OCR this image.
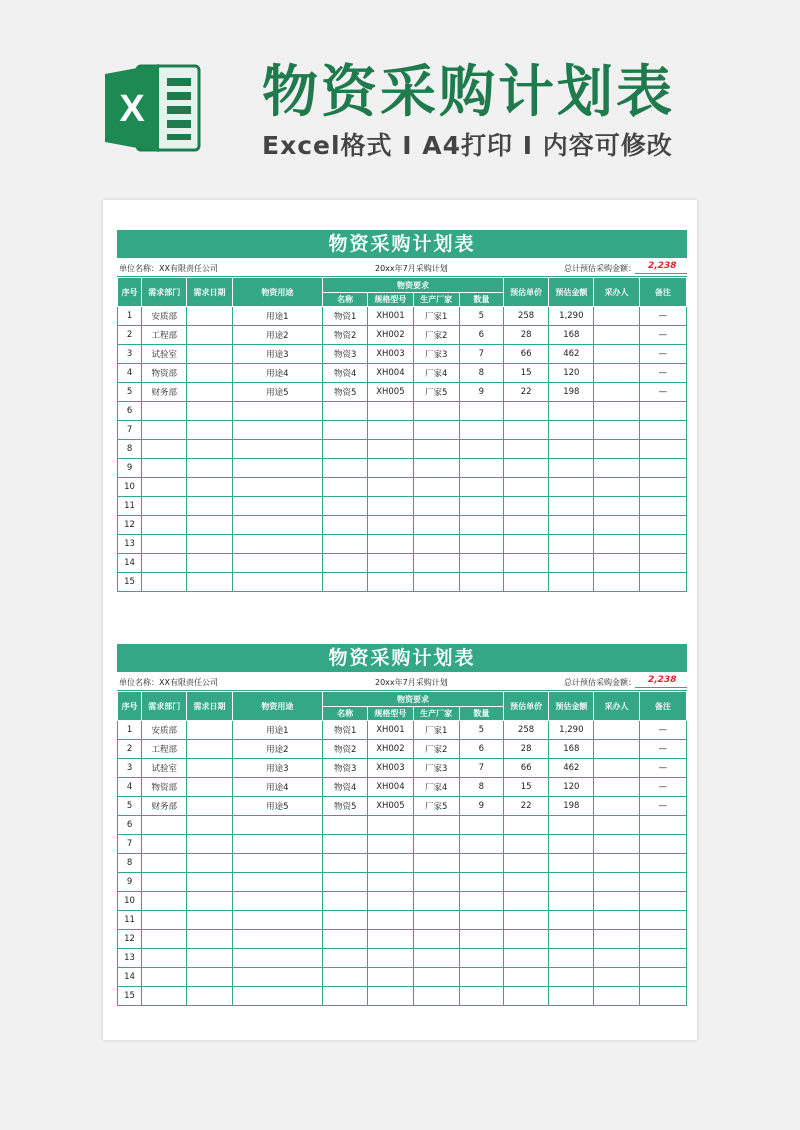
X 物资采购计划表
Excel格式 I A4打印 I 内容可修改
物资采购计划表
单位名称：XX有限责任公司	20xx年7月采购计划	总计预估采购金额： 2,238
序号	需求部门	需求日期	物资用途	物资要求				预估单价	预估金额	采办人	备注
				名称	规格型号	生产厂家	数量				
1	安质部		用途1	物资1	XH001	厂家1	5	258	1,290		—
2	工程部		用途2	物资2	XH002	厂家2	6	28	168		—
3	试验室		用途3	物资3	XH003	厂家3	7	66	462		—
4	物资部		用途4	物资4	XH004	厂家4	8	15	120		—
5	财务部		用途5	物资5	XH005	厂家5	9	22	198		—
6											
7											
8											
9											
10											
11											
12											
13											
14											
15											
物资采购计划表
单位名称：XX有限责任公司	20xx年7月采购计划	总计预估采购金额： 2,238
序号	需求部门	需求日期	物资用途	物资要求				预估单价	预估金额	采办人	备注
				名称	规格型号	生产厂家	数量				
1	安质部		用途1	物资1	XH001	厂家1	5	258	1,290		—
2	工程部		用途2	物资2	XH002	厂家2	6	28	168		—
3	试验室		用途3	物资3	XH003	厂家3	7	66	462		—
4	物资部		用途4	物资4	XH004	厂家4	8	15	120		—
5	财务部		用途5	物资5	XH005	厂家5	9	22	198		—
6											
7											
8											
9											
10											
11											
12											
13											
14											
15											
